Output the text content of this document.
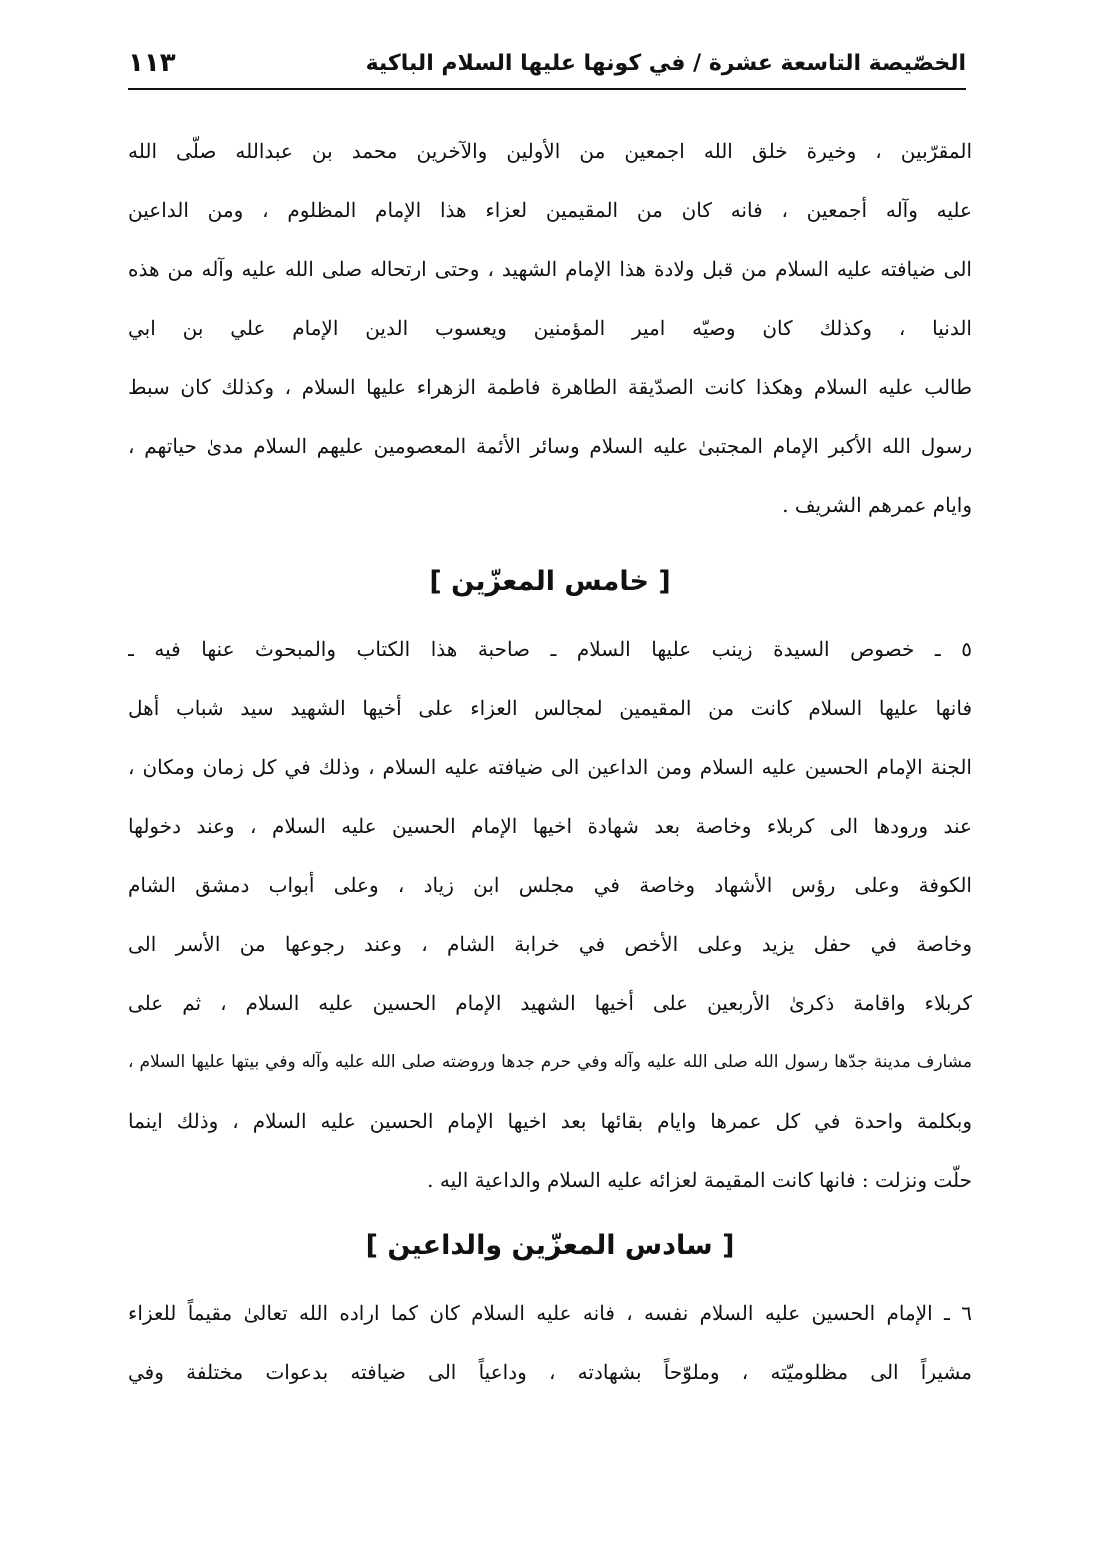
الخصّيصة التاسعة عشرة / في كونها عليها السلام الباكية
١١٣
المقرّبين ، وخيرة خلق الله اجمعين من الأولين والآخرين محمد بن عبدالله صلّى الله
عليه وآله أجمعين ، فانه كان من المقيمين لعزاء هذا الإمام المظلوم ، ومن الداعين
الى ضيافته عليه السلام من قبل ولادة هذا الإمام الشهيد ، وحتى ارتحاله صلى الله عليه وآله من هذه
الدنيا ، وكذلك كان وصيّه امير المؤمنين ويعسوب الدين الإمام علي بن ابي
طالب عليه السلام وهكذا كانت الصدّيقة الطاهرة فاطمة الزهراء عليها السلام ، وكذلك كان سبط
رسول الله الأكبر الإمام المجتبىٰ عليه السلام وسائر الأئمة المعصومين عليهم السلام مدىٰ حياتهم ،
وايام عمرهم الشريف .
[ خامس المعزّين ]
٥ ـ خصوص السيدة زينب عليها السلام ـ صاحبة هذا الكتاب والمبحوث عنها فيه ـ
فانها عليها السلام كانت من المقيمين لمجالس العزاء على أخيها الشهيد سيد شباب أهل
الجنة الإمام الحسين عليه السلام ومن الداعين الى ضيافته عليه السلام ، وذلك في كل زمان ومكان ،
عند ورودها الى كربلاء وخاصة بعد شهادة اخيها الإمام الحسين عليه السلام ، وعند دخولها
الكوفة وعلى رؤس الأشهاد وخاصة في مجلس ابن زياد ، وعلى أبواب دمشق الشام
وخاصة في حفل يزيد وعلى الأخص في خرابة الشام ، وعند رجوعها من الأسر الى
كربلاء واقامة ذكرىٰ الأربعين على أخيها الشهيد الإمام الحسين عليه السلام ، ثم على
مشارف مدينة جدّها رسول الله صلى الله عليه وآله وفي حرم جدها وروضته صلى الله عليه وآله وفي بيتها عليها السلام ،
وبكلمة واحدة في كل عمرها وايام بقائها بعد اخيها الإمام الحسين عليه السلام ، وذلك اينما
حلّت ونزلت : فانها كانت المقيمة لعزائه عليه السلام والداعية اليه .
[ سادس المعزّين والداعين ]
٦ ـ الإمام الحسين عليه السلام نفسه ، فانه عليه السلام كان كما اراده الله تعالىٰ مقيماً للعزاء
مشيراً الى مظلوميّته ، وملوّحاً بشهادته ، وداعياً الى ضيافته بدعوات مختلفة وفي
